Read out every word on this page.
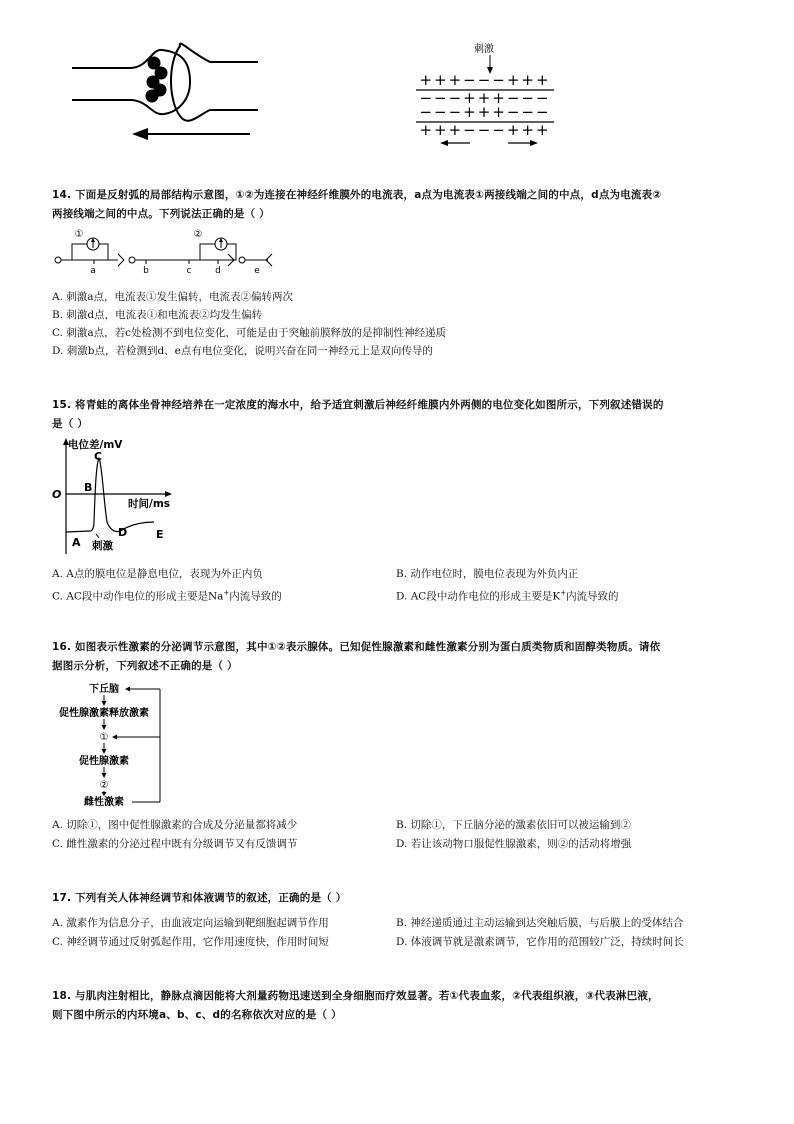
刺激
+++−−−+++
−−−+++−−−
−−−+++−−−
+++−−−+++
14. 下面是反射弧的局部结构示意图，①②为连接在神经纤维膜外的电流表，a点为电流表①两接线端之间的中点，d点为电流表②
两接线端之间的中点。下列说法正确的是（ ）
①	②
a	b	c	d	e
A. 刺激a点，电流表①发生偏转，电流表②偏转两次
B. 刺激d点，电流表①和电流表②均发生偏转
C. 刺激a点，若c处检测不到电位变化，可能是由于突触前膜释放的是抑制性神经递质
D. 刺激b点，若检测到d、e点有电位变化，说明兴奋在同一神经元上是双向传导的
15. 将青蛙的离体坐骨神经培养在一定浓度的海水中，给予适宜刺激后神经纤维膜内外两侧的电位变化如图所示，下列叙述错误的
是（ ）
电位差/mV
时间/ms
O
A
B
C
D	E
刺激
A. A点的膜电位是静息电位，表现为外正内负	B. 动作电位时，膜电位表现为外负内正
C. AC段中动作电位的形成主要是Na+内流导致的	D. AC段中动作电位的形成主要是K+内流导致的
16. 如图表示性激素的分泌调节示意图，其中①②表示腺体。已知促性腺激素和雌性激素分别为蛋白质类物质和固醇类物质。请依
据图示分析，下列叙述不正确的是（ ）
下丘脑
促性腺激素释放激素
①
促性腺激素
②
雌性激素
A. 切除①，图中促性腺激素的合成及分泌量都将减少	B. 切除①，下丘脑分泌的激素依旧可以被运输到②
C. 雌性激素的分泌过程中既有分级调节又有反馈调节	D. 若让该动物口服促性腺激素，则②的活动将增强
17. 下列有关人体神经调节和体液调节的叙述，正确的是（ ）
A. 激素作为信息分子，由血液定向运输到靶细胞起调节作用	B. 神经递质通过主动运输到达突触后膜，与后膜上的受体结合
C. 神经调节通过反射弧起作用，它作用速度快，作用时间短	D. 体液调节就是激素调节，它作用的范围较广泛，持续时间长
18. 与肌肉注射相比，静脉点滴因能将大剂量药物迅速送到全身细胞而疗效显著。若①代表血浆，②代表组织液，③代表淋巴液，
则下图中所示的内环境a、b、c、d的名称依次对应的是（ ）
